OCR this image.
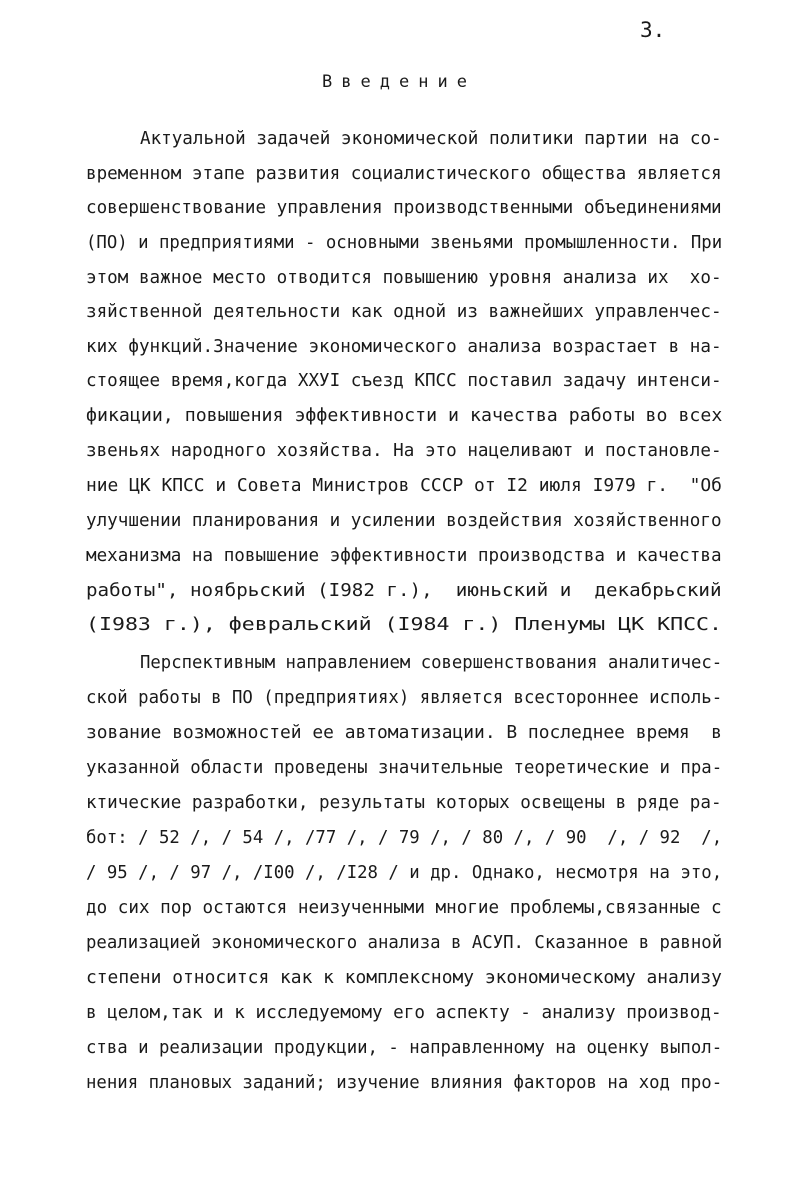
3.
Введение
Актуальной задачей экономической политики партии на со-
временном этапе развития социалистического общества является
совершенствование управления производственными объединениями
(ПО) и предприятиями - основными звеньями промышленности. При
этом важное место отводится повышению уровня анализа их  хо-
зяйственной деятельности как одной из важнейших управленчес-
ких функций.Значение экономического анализа возрастает в на-
стоящее время,когда XXУI съезд КПСС поставил задачу интенси-
фикации, повышения эффективности и качества работы во всех
звеньях народного хозяйства. На это нацеливают и постановле-
ние ЦК КПСС и Совета Министров СССР от I2 июля I979 г.  "Об
улучшении планирования и усилении воздействия хозяйственного
механизма на повышение эффективности производства и качества
работы", ноябрьский (I982 г.),  июньский и  декабрьский
(I983 г.), февральский (I984 г.) Пленумы ЦК КПСС.
Перспективным направлением совершенствования аналитичес-
ской работы в ПО (предприятиях) является всестороннее исполь-
зование возможностей ее автоматизации. В последнее время  в
указанной области проведены значительные теоретические и пра-
ктические разработки, результаты которых освещены в ряде ра-
бот: / 52 /, / 54 /, /77 /, / 79 /, / 80 /, / 90  /, / 92  /,
/ 95 /, / 97 /, /I00 /, /I28 / и др. Однако, несмотря на это,
до сих пор остаются неизученными многие проблемы,связанные с
реализацией экономического анализа в АСУП. Сказанное в равной
степени относится как к комплексному экономическому анализу
в целом,так и к исследуемому его аспекту - анализу производ-
ства и реализации продукции, - направленному на оценку выпол-
нения плановых заданий; изучение влияния факторов на ход про-
